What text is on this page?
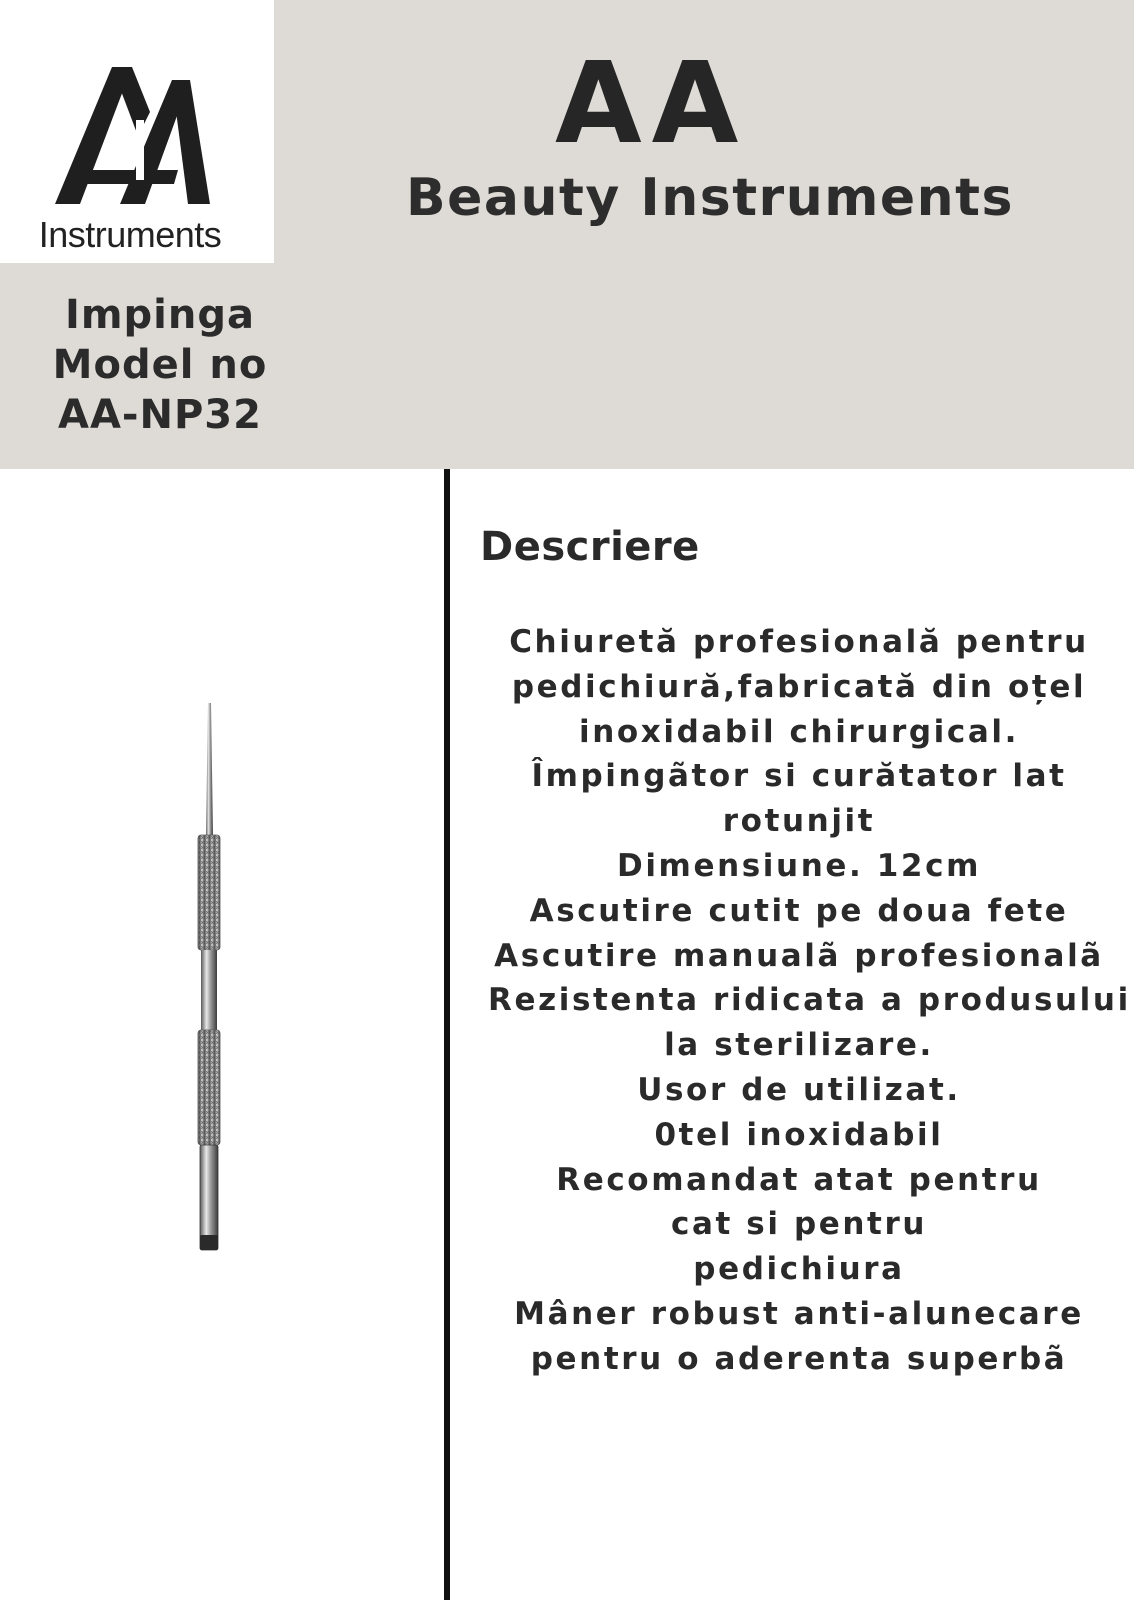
Instruments
AA
Beauty Instruments
Impinga
Model no
AA-NP32
Descriere
Chiuretă profesională pentru
pedichiură,fabricată din oțel
inoxidabil chirurgical.
Împingãtor si curătator lat
rotunjit
Dimensiune. 12cm
Ascutire cutit pe doua fete
Ascutire manualã profesionalã
Rezistenta ridicata a produsului
la sterilizare.
Usor de utilizat.
0tel inoxidabil
Recomandat atat pentru
cat si pentru
pedichiura
Mâner robust anti-alunecare
pentru o aderenta superbã
